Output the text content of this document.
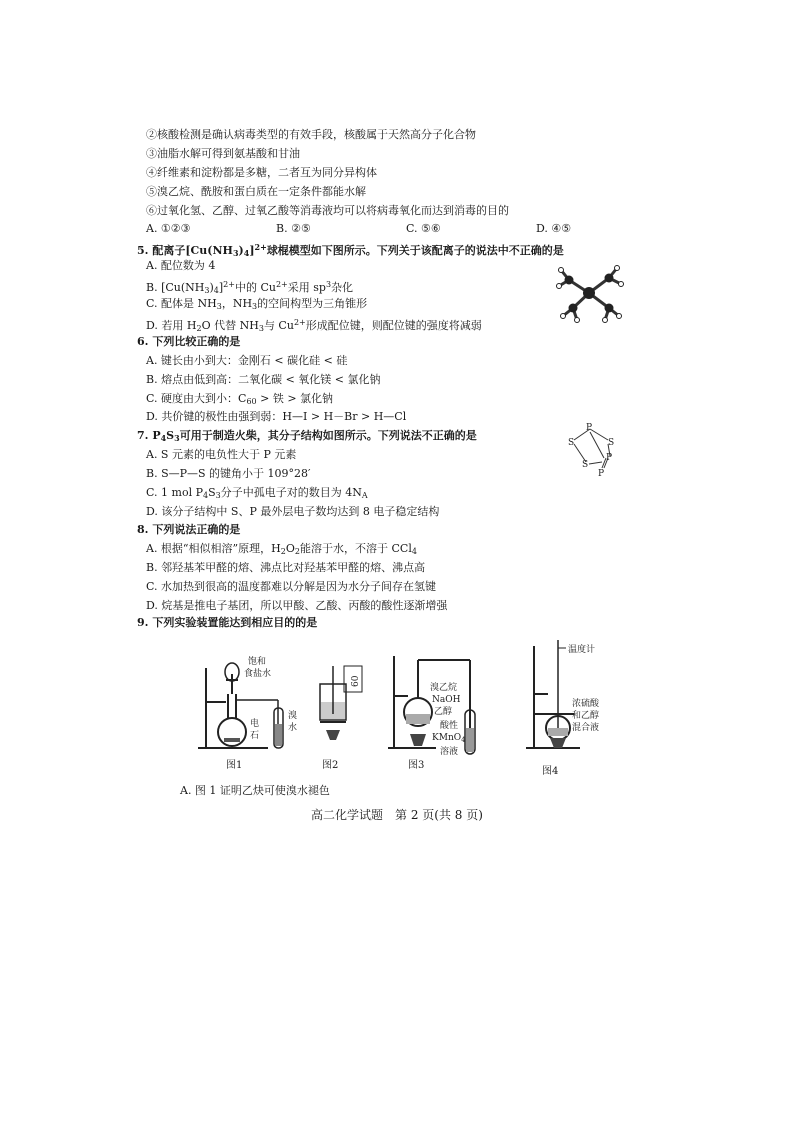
②核酸检测是确认病毒类型的有效手段，核酸属于天然高分子化合物
③油脂水解可得到氨基酸和甘油
④纤维素和淀粉都是多糖，二者互为同分异构体
⑤溴乙烷、酰胺和蛋白质在一定条件都能水解
⑥过氧化氢、乙醇、过氧乙酸等消毒液均可以将病毒氧化而达到消毒的目的
A. ①②③	B. ②⑤	C. ⑤⑥	D. ④⑤
5. 配离子$[Cu(NH_3)_4]^{2+}$球棍模型如下图所示。下列关于该配离子的说法中不正确的是
A. 配位数为 4
B. $[Cu(NH_3)_4]^{2+}$中的 $Cu^{2+}$采用 $sp^3$杂化
C. 配体是 $NH_3$，$NH_3$的空间构型为三角锥形
D. 若用 $H_2O$ 代替 $NH_3$与 $Cu^{2+}$形成配位键，则配位键的强度将减弱
6. 下列比较正确的是
A. 键长由小到大：金刚石 < 碳化硅 < 硅
B. 熔点由低到高：二氧化碳 < 氧化镁 < 氯化钠
C. 硬度由大到小：$C_{60}$ > 铁 > 氯化钠
D. 共价键的极性由强到弱：H—I > H－Br > H—Cl
7. $P_4S_3$可用于制造火柴，其分子结构如图所示。下列说法不正确的是
A. S 元素的电负性大于 P 元素
B. S—P—S 的键角小于 109°28′
C. 1 mol $P_4S_3$分子中孤电子对的数目为 $4N_A$
D. 该分子结构中 S、P 最外层电子数均达到 8 电子稳定结构
P
S	S
S
P
P
8. 下列说法正确的是
A. 根据“相似相溶”原理，$H_2O_2$能溶于水，不溶于 CCl$_4$
B. 邻羟基苯甲醛的熔、沸点比对羟基苯甲醛的熔、沸点高
C. 水加热到很高的温度都难以分解是因为水分子间存在氢键
D. 烷基是推电子基团，所以甲酸、乙酸、丙酸的酸性逐渐增强
9. 下列实验装置能达到相应目的的是
饱和
食盐水
电
石
溴
水
图1
60
图2
溴乙烷
NaOH
乙醇
酸性
KMnO$_4$
溶液
图3
温度计
浓硫酸
和乙醇
混合液
图4
A. 图 1 证明乙炔可使溴水褪色
高二化学试题　第 2 页(共 8 页)
